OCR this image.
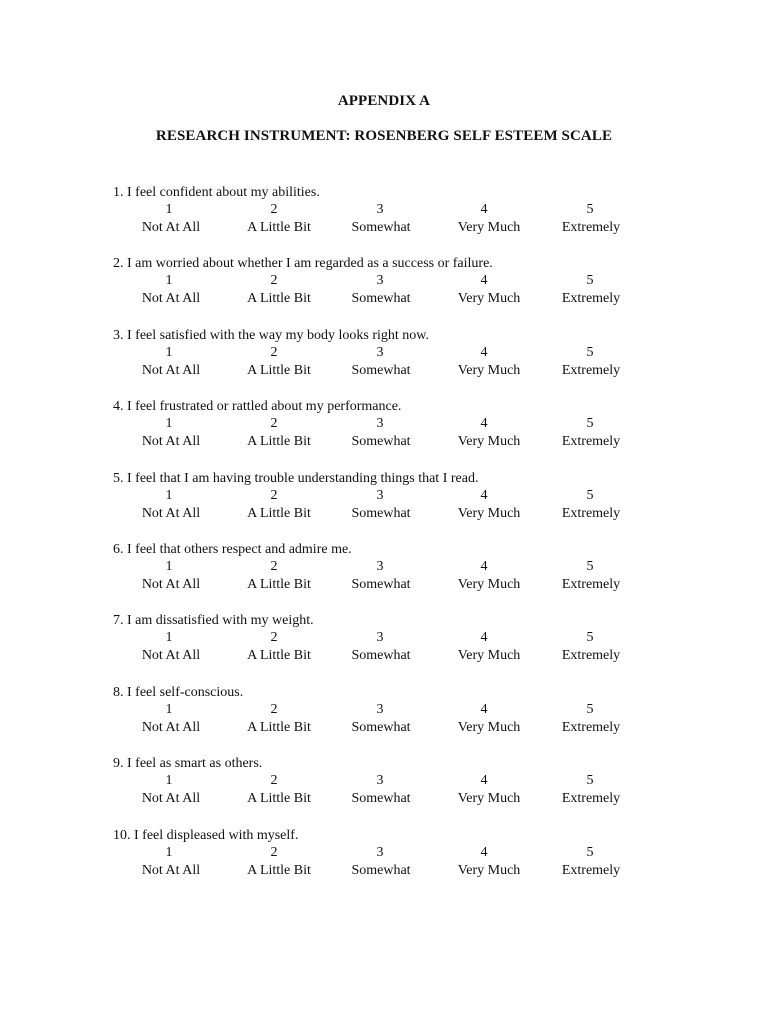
APPENDIX A
RESEARCH INSTRUMENT: ROSENBERG SELF ESTEEM SCALE
1. I feel confident about my abilities.
1
Not At All
2
A Little Bit
3
Somewhat
4
Very Much
5
Extremely
2. I am worried about whether I am regarded as a success or failure.
1
Not At All
2
A Little Bit
3
Somewhat
4
Very Much
5
Extremely
3. I feel satisfied with the way my body looks right now.
1
Not At All
2
A Little Bit
3
Somewhat
4
Very Much
5
Extremely
4. I feel frustrated or rattled about my performance.
1
Not At All
2
A Little Bit
3
Somewhat
4
Very Much
5
Extremely
5. I feel that I am having trouble understanding things that I read.
1
Not At All
2
A Little Bit
3
Somewhat
4
Very Much
5
Extremely
6. I feel that others respect and admire me.
1
Not At All
2
A Little Bit
3
Somewhat
4
Very Much
5
Extremely
7. I am dissatisfied with my weight.
1
Not At All
2
A Little Bit
3
Somewhat
4
Very Much
5
Extremely
8. I feel self-conscious.
1
Not At All
2
A Little Bit
3
Somewhat
4
Very Much
5
Extremely
9. I feel as smart as others.
1
Not At All
2
A Little Bit
3
Somewhat
4
Very Much
5
Extremely
10. I feel displeased with myself.
1
Not At All
2
A Little Bit
3
Somewhat
4
Very Much
5
Extremely
